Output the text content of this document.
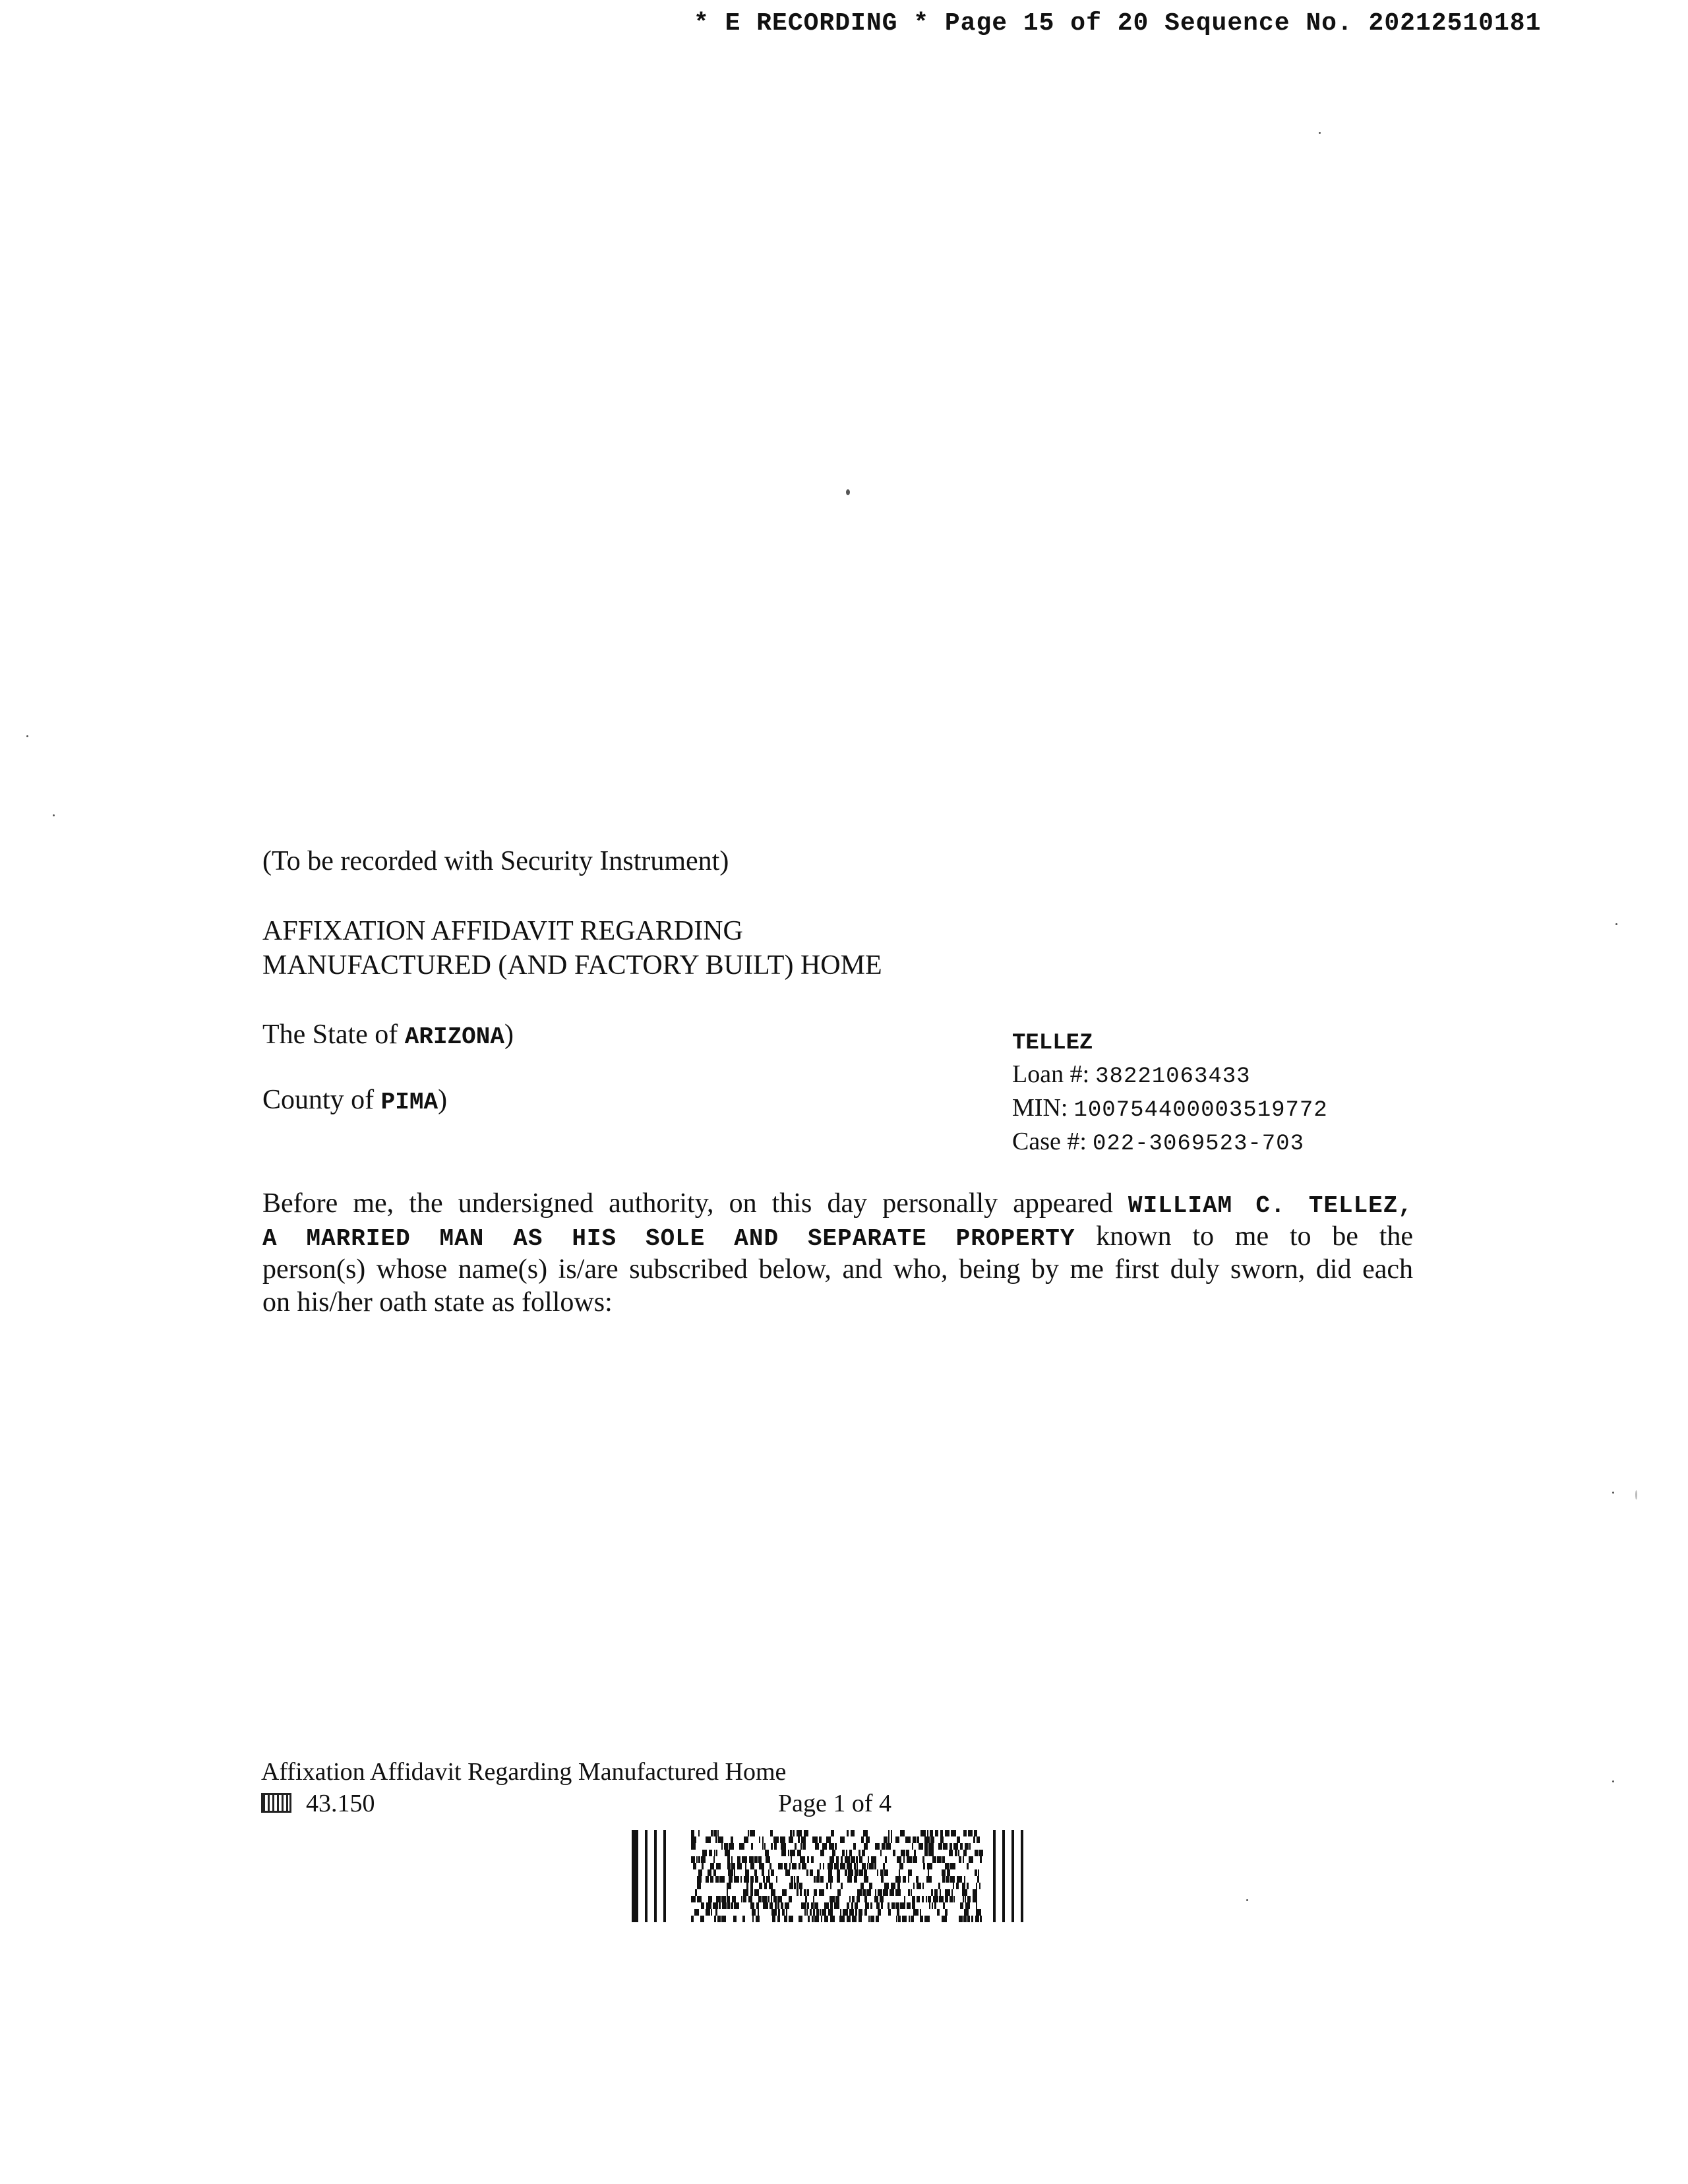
* E RECORDING * Page 15 of 20 Sequence No. 20212510181
(To be recorded with Security Instrument)
AFFIXATION AFFIDAVIT REGARDING
MANUFACTURED (AND FACTORY BUILT) HOME
The State of ARIZONA)
County of PIMA)
TELLEZ
Loan #: 38221063433
MIN: 100754400003519772
Case #: 022-3069523-703
Before me, the undersigned authority, on this day personally appeared WILLIAM C. TELLEZ,
A MARRIED MAN AS HIS SOLE AND SEPARATE PROPERTY known to me to be the
person(s) whose name(s) is/are subscribed below, and who, being by me first duly sworn, did each
on his/her oath state as follows:
Affixation Affidavit Regarding Manufactured Home
43.150	Page 1 of 4
